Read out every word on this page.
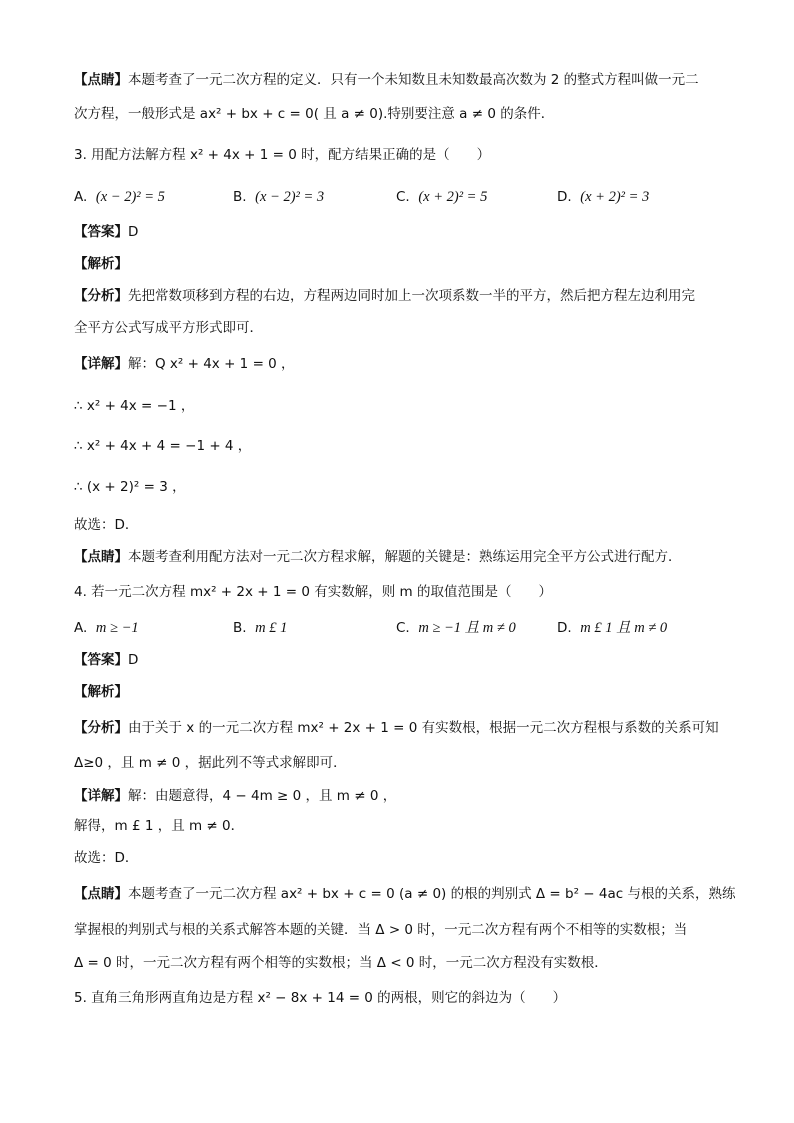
【点睛】本题考查了一元二次方程的定义．只有一个未知数且未知数最高次数为 2 的整式方程叫做一元二
次方程，一般形式是 ax² + bx + c = 0( 且 a ≠ 0).特别要注意 a ≠ 0 的条件．
3. 用配方法解方程 x² + 4x + 1 = 0 时，配方结果正确的是（　　）
A. (x − 2)² = 5	B. (x − 2)² = 3	C. (x + 2)² = 5	D. (x + 2)² = 3
【答案】D
【解析】
【分析】先把常数项移到方程的右边，方程两边同时加上一次项系数一半的平方，然后把方程左边利用完
全平方公式写成平方形式即可．
【详解】解：Q x² + 4x + 1 = 0 ，
∴ x² + 4x = −1 ，
∴ x² + 4x + 4 = −1 + 4 ，
∴ (x + 2)² = 3 ，
故选：D．
【点睛】本题考查利用配方法对一元二次方程求解，解题的关键是：熟练运用完全平方公式进行配方．
4. 若一元二次方程 mx² + 2x + 1 = 0 有实数解，则 m 的取值范围是（　　）
A. m ≥ −1	B. m £ 1	C. m ≥ −1 且 m ≠ 0	D. m £ 1 且 m ≠ 0
【答案】D
【解析】
【分析】由于关于 x 的一元二次方程 mx² + 2x + 1 = 0 有实数根，根据一元二次方程根与系数的关系可知
Δ≥0 ，且 m ≠ 0 ，据此列不等式求解即可．
【详解】解：由题意得，4 − 4m ≥ 0 ，且 m ≠ 0 ，
解得，m £ 1 ，且 m ≠ 0．
故选：D．
【点睛】本题考查了一元二次方程 ax² + bx + c = 0 (a ≠ 0) 的根的判别式 Δ = b² − 4ac 与根的关系，熟练
掌握根的判别式与根的关系式解答本题的关键．当 Δ > 0 时，一元二次方程有两个不相等的实数根；当
Δ = 0 时，一元二次方程有两个相等的实数根；当 Δ < 0 时，一元二次方程没有实数根．
5. 直角三角形两直角边是方程 x² − 8x + 14 = 0 的两根，则它的斜边为（　　）
